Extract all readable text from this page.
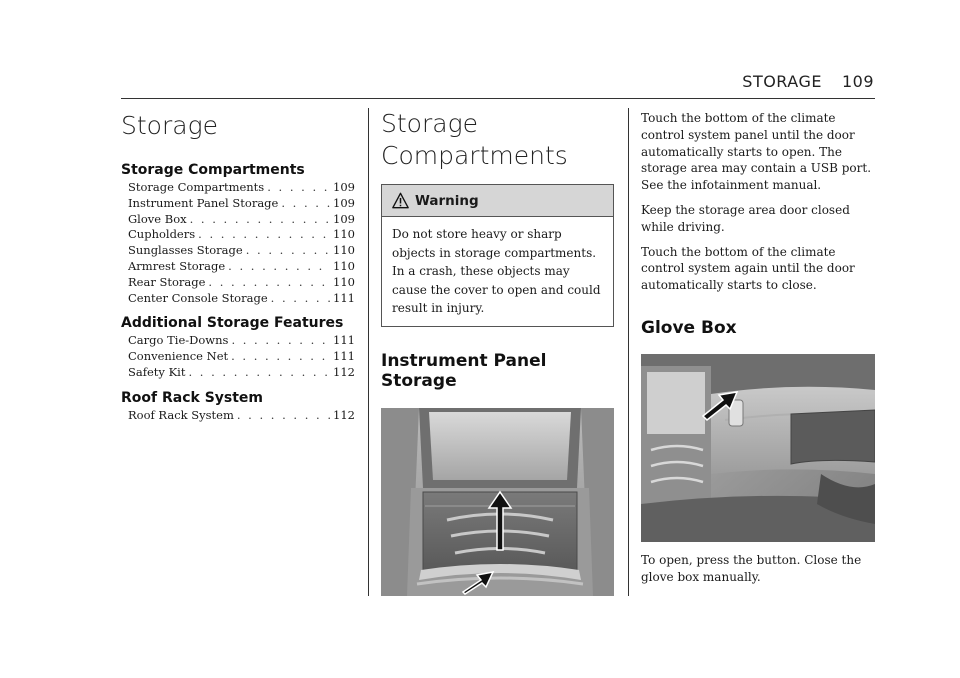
STORAGE 109
Storage
Storage Compartments
Storage Compartments . . .	109
Instrument Panel Storage . . .	109
Glove Box . . .	109
Cupholders . . .	110
Sunglasses Storage . . .	110
Armrest Storage . . .	110
Rear Storage . . .	110
Center Console Storage . . .	111
Additional Storage Features
Cargo Tie-Downs . . .	111
Convenience Net . . .	111
Safety Kit . . .	112
Roof Rack System
Roof Rack System . . .	112
Storage Compartments
Warning

Do not store heavy or sharp objects in storage compartments. In a crash, these objects may cause the cover to open and could result in injury.

Instrument Panel Storage

Touch the bottom of the climate control system panel until the door automatically starts to open. The storage area may contain a USB port. See the infotainment manual.

Keep the storage area door closed while driving.

Touch the bottom of the climate control system again until the door automatically starts to close.

Glove Box

To open, press the button. Close the glove box manually.
